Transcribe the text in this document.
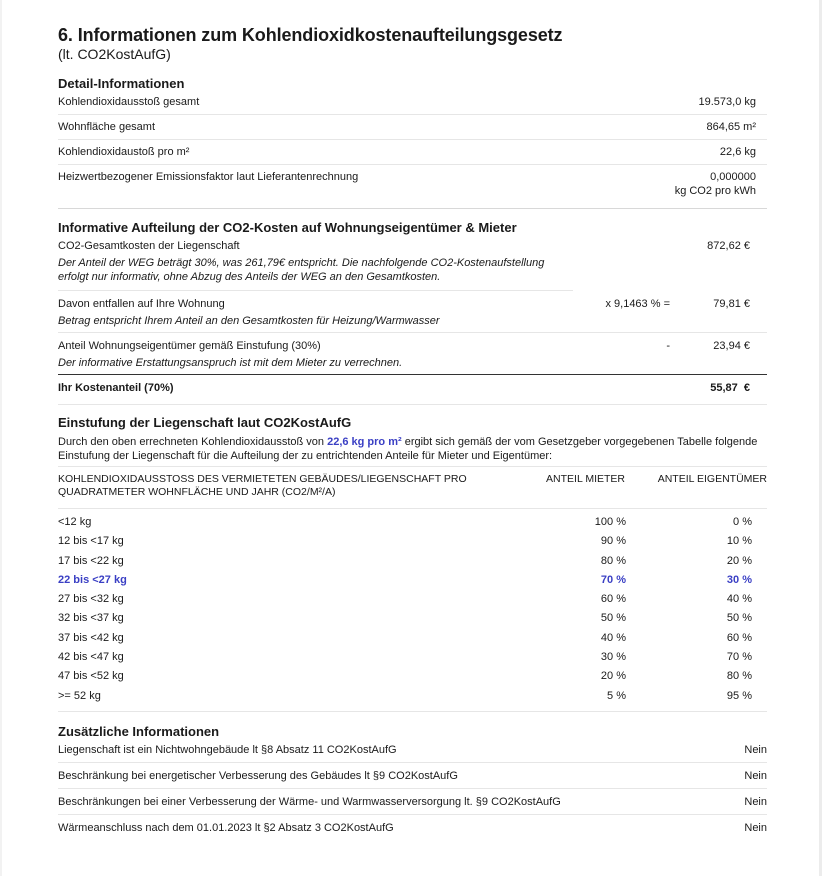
6. Informationen zum Kohlendioxidkostenaufteilungsgesetz
(lt. CO2KostAufG)
Detail-Informationen
Kohlendioxidausstoß gesamt	19.573,0 kg
Wohnfläche gesamt	864,65 m²
Kohlendioxidaustoß pro m²	22,6 kg
Heizwertbezogener Emissionsfaktor laut Lieferantenrechnung	0,000000
kg CO2 pro kWh
Informative Aufteilung der CO2-Kosten auf Wohnungseigentümer & Mieter
CO2-Gesamtkosten der Liegenschaft	872,62 €
Der Anteil der WEG beträgt 30%, was 261,79€ entspricht. Die nachfolgende CO2-Kostenaufstellung erfolgt nur informativ, ohne Abzug des Anteils der WEG an den Gesamtkosten.
Davon entfallen auf Ihre Wohnung	x 9,1463 % =	79,81 €
Betrag entspricht Ihrem Anteil an den Gesamtkosten für Heizung/Warmwasser
Anteil Wohnungseigentümer gemäß Einstufung (30%)	-	23,94 €
Der informative Erstattungsanspruch ist mit dem Mieter zu verrechnen.
Ihr Kostenanteil (70%)	55,87  €
Einstufung der Liegenschaft laut CO2KostAufG
Durch den oben errechneten Kohlendioxidausstoß von 22,6 kg pro m² ergibt sich gemäß der vom Gesetzgeber vorgegebenen Tabelle folgende Einstufung der Liegenschaft für die Aufteilung der zu entrichtenden Anteile für Mieter und Eigentümer:
KOHLENDIOXIDAUSSTOSS DES VERMIETETEN GEBÄUDES/LIEGENSCHAFT PRO QUADRATMETER WOHNFLÄCHE UND JAHR (CO2/M²/A)
ANTEIL MIETER	ANTEIL EIGENTÜMER
<12 kg	100 %	0 %
12 bis <17 kg	90 %	10 %
17 bis <22 kg	80 %	20 %
22 bis <27 kg	70 %	30 %
27 bis <32 kg	60 %	40 %
32 bis <37 kg	50 %	50 %
37 bis <42 kg	40 %	60 %
42 bis <47 kg	30 %	70 %
47 bis <52 kg	20 %	80 %
>= 52 kg	5 %	95 %
Zusätzliche Informationen
Liegenschaft ist ein Nichtwohngebäude lt §8 Absatz 11 CO2KostAufG	Nein
Beschränkung bei energetischer Verbesserung des Gebäudes lt §9 CO2KostAufG	Nein
Beschränkungen bei einer Verbesserung der Wärme- und Warmwasserversorgung lt. §9 CO2KostAufG	Nein
Wärmeanschluss nach dem 01.01.2023 lt §2 Absatz 3 CO2KostAufG	Nein
